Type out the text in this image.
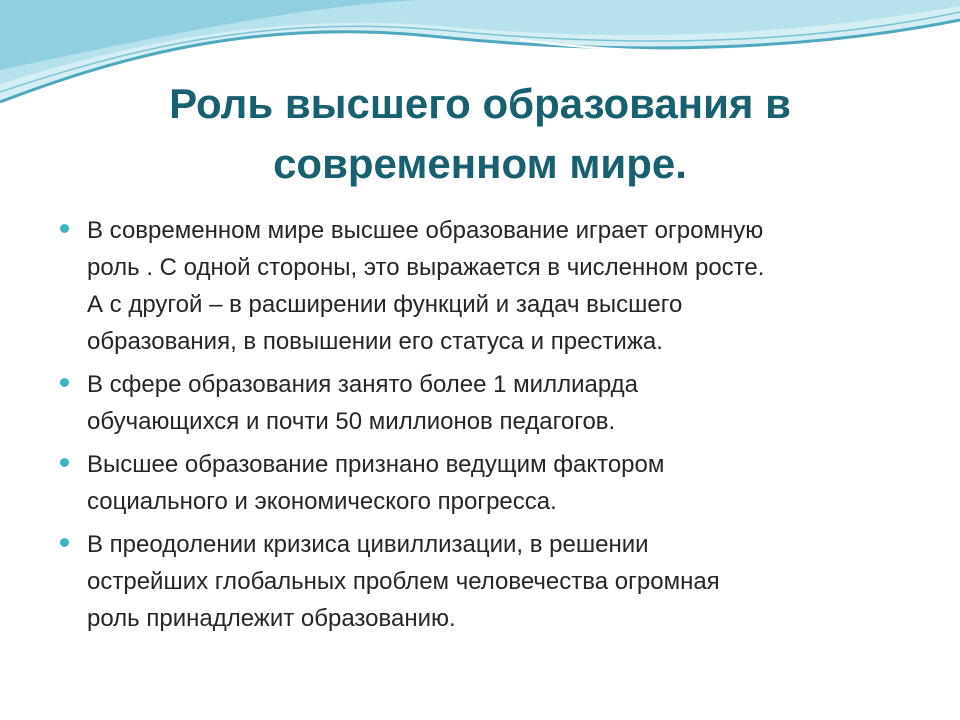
Роль высшего образования в
современном мире.
В современном мире высшее образование играет огромную
роль . С одной стороны, это выражается в численном росте.
А с другой – в расширении функций и задач высшего
образования, в повышении его статуса и престижа.
В сфере образования занято более 1 миллиарда
обучающихся и почти 50 миллионов педагогов.
Высшее образование признано ведущим фактором
социального и экономического прогресса.
В преодолении кризиса цивиллизации, в решении
острейших глобальных проблем человечества огромная
роль принадлежит образованию.
